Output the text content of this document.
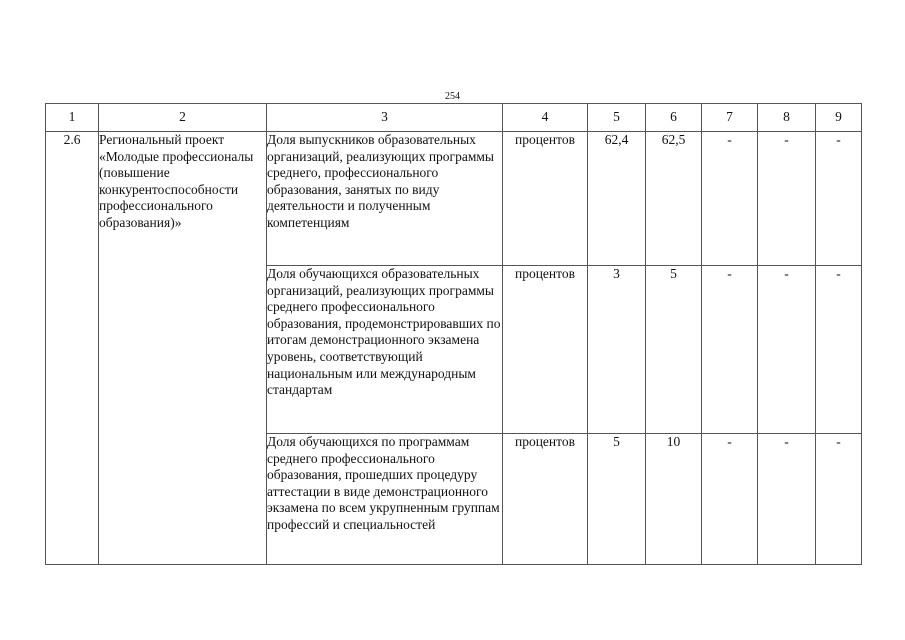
254
1	2	3	4	5	6	7	8	9
2.6	Региональный проект «Молодые профессионалы (повышение конкурентоспособности профессионального образования)»	Доля выпускников образовательных организаций, реализующих программы среднего, профессионального образования, занятых по виду деятельности и полученным компетенциям	процентов	62,4	62,5	-	-	-
		Доля обучающихся образовательных организаций, реализующих программы среднего профессионального образования, продемонстрировавших по итогам демонстрационного экзамена уровень, соответствующий национальным или международным стандартам	процентов	3	5	-	-	-
		Доля обучающихся по программам среднего профессионального образования, прошедших процедуру аттестации в виде демонстрационного экзамена по всем укрупненным группам профессий и специальностей	процентов	5	10	-	-	-
